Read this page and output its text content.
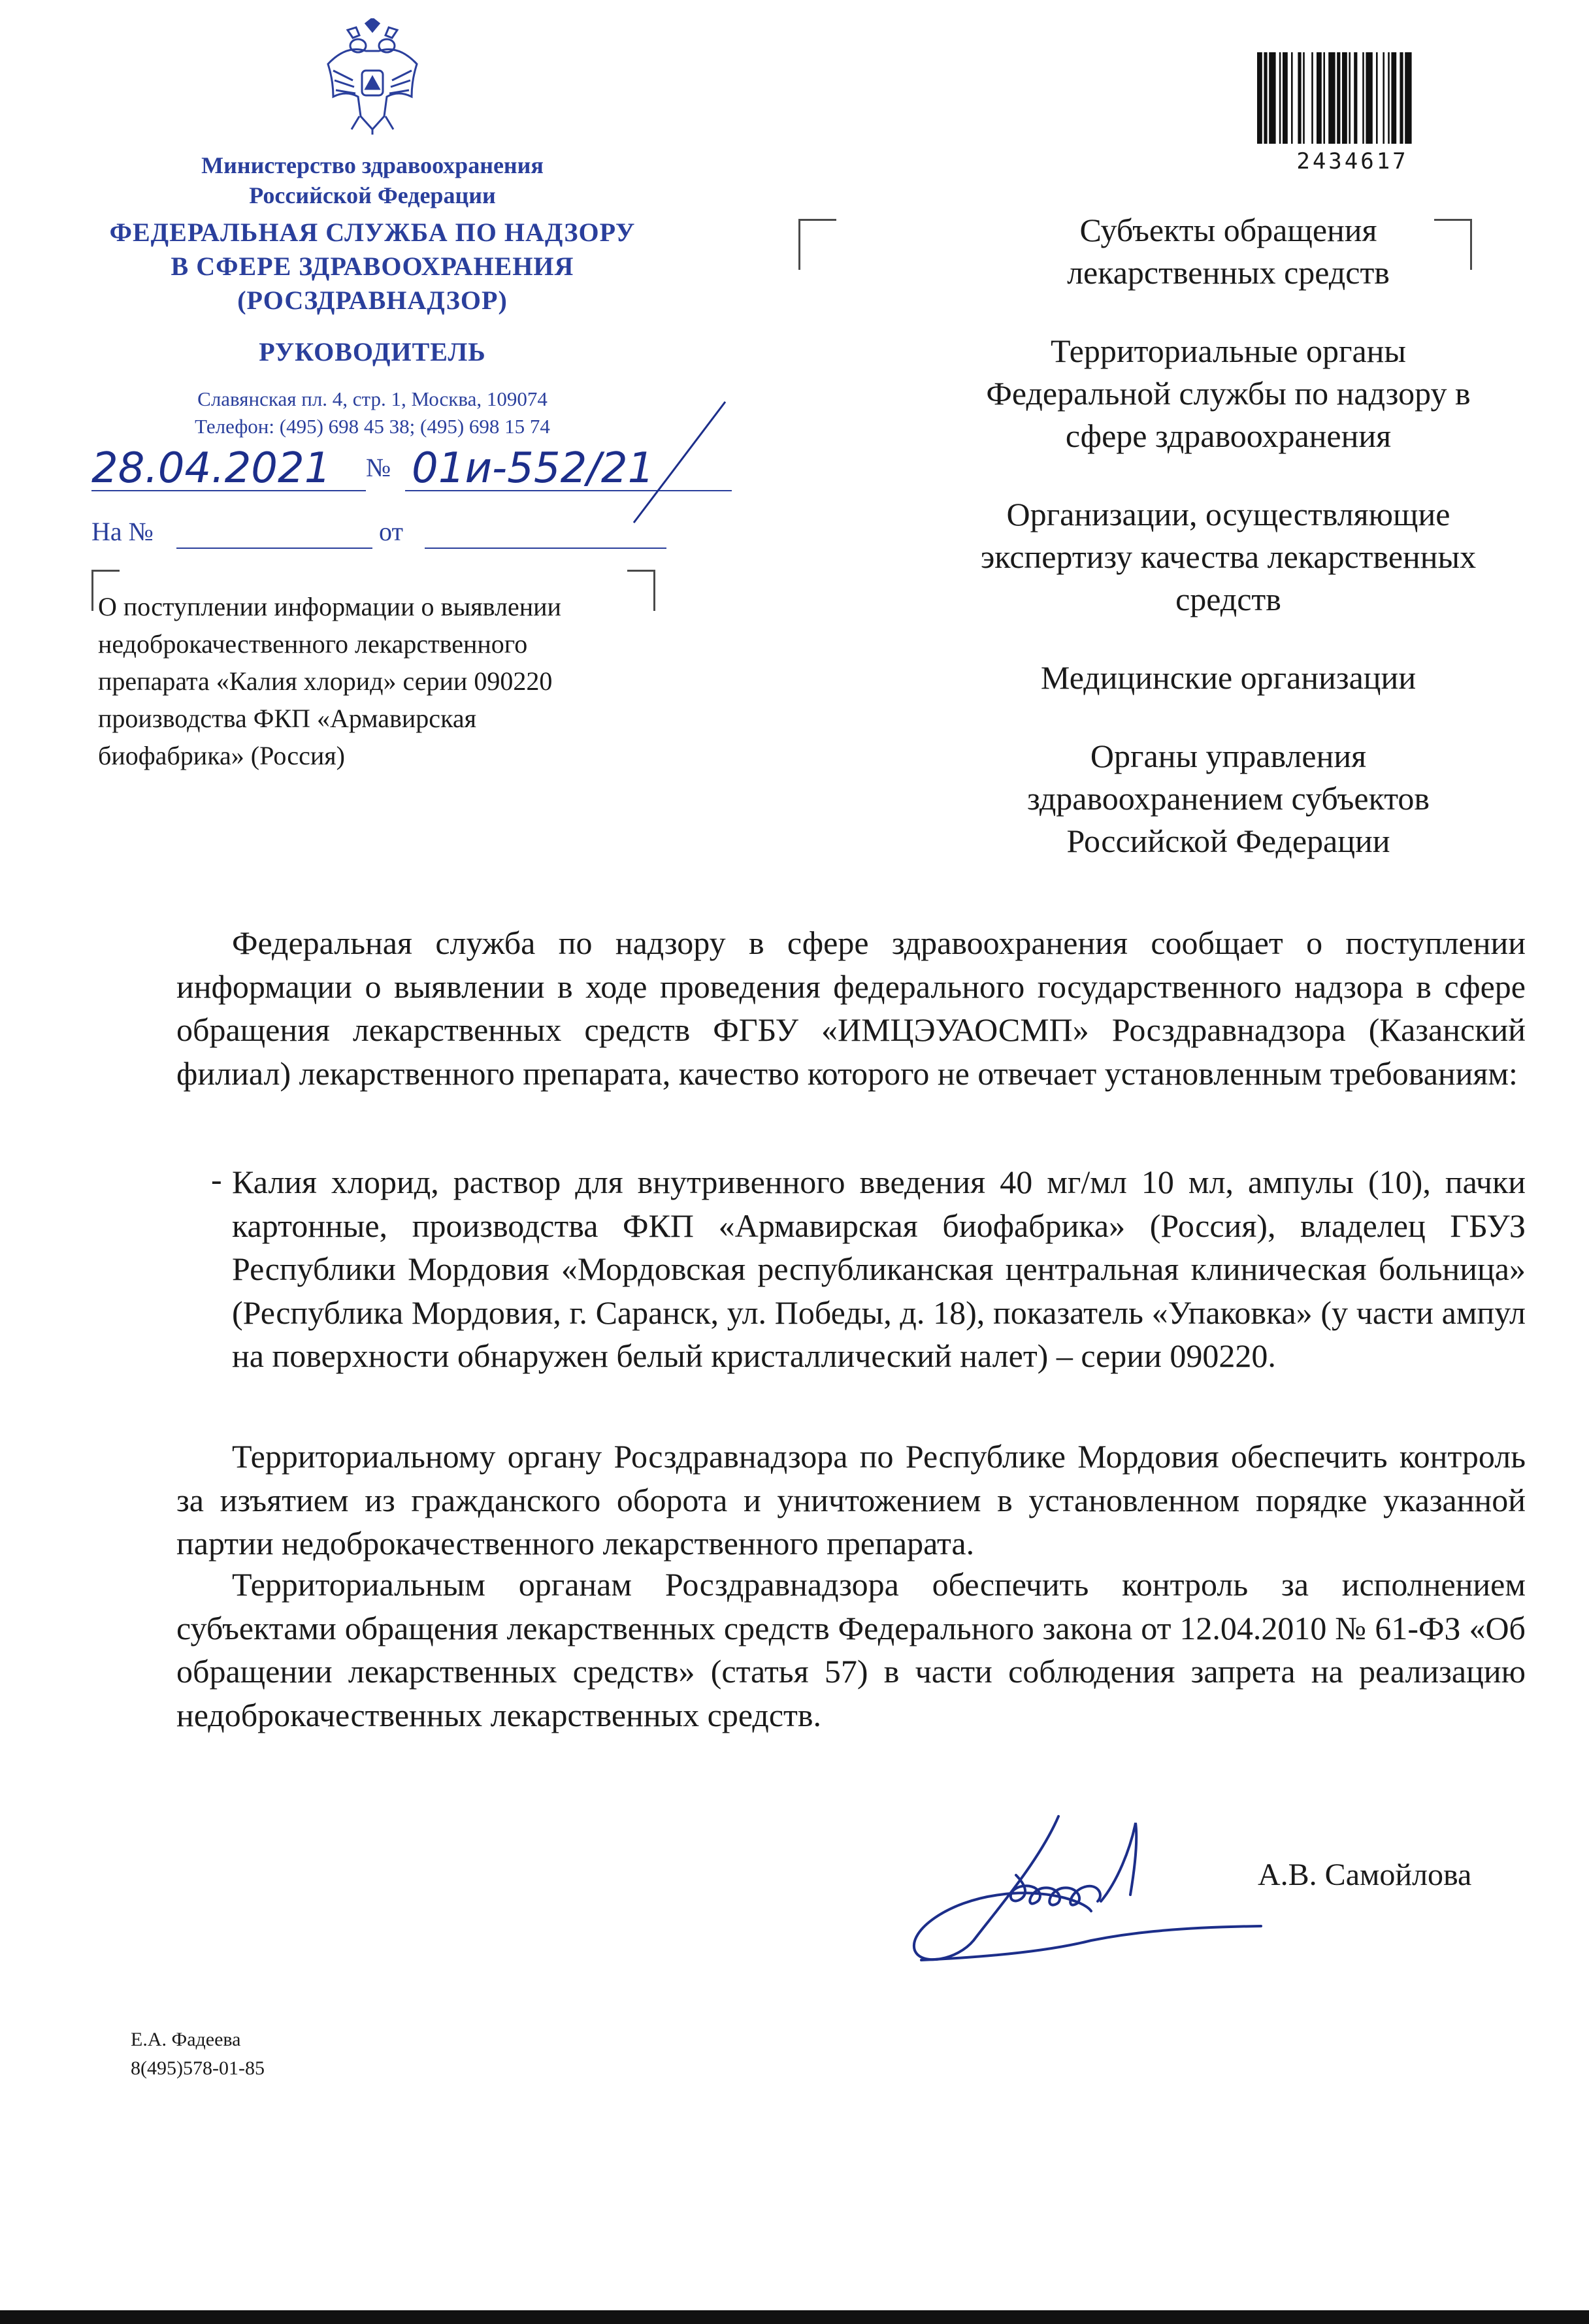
Министерство здравоохранения
Российской Федерации
ФЕДЕРАЛЬНАЯ СЛУЖБА ПО НАДЗОРУ
В СФЕРЕ ЗДРАВООХРАНЕНИЯ
(РОСЗДРАВНАДЗОР)
РУКОВОДИТЕЛЬ
Славянская пл. 4, стр. 1, Москва, 109074
Телефон: (495) 698 45 38; (495) 698 15 74
28.04.2021 № 01и-552/21
На №	от
О поступлении информации о выявлении
недоброкачественного лекарственного
препарата «Калия хлорид» серии 090220
производства ФКП «Армавирская
биофабрика» (Россия)
2434617
Субъекты обращения
лекарственных средств
Территориальные органы
Федеральной службы по надзору в
сфере здравоохранения
Организации, осуществляющие
экспертизу качества лекарственных
средств
Медицинские организации
Органы управления
здравоохранением субъектов
Российской Федерации
Федеральная служба по надзору в сфере здравоохранения сообщает о поступлении информации о выявлении в ходе проведения федерального государственного надзора в сфере обращения лекарственных средств ФГБУ «ИМЦЭУАОСМП» Росздравнадзора (Казанский филиал) лекарственного препарата, качество которого не отвечает установленным требованиям:
- Калия хлорид, раствор для внутривенного введения 40 мг/мл 10 мл, ампулы (10), пачки картонные, производства ФКП «Армавирская биофабрика» (Россия), владелец ГБУЗ Республики Мордовия «Мордовская республиканская центральная клиническая больница» (Республика Мордовия, г. Саранск, ул. Победы, д. 18), показатель «Упаковка» (у части ампул на поверхности обнаружен белый кристаллический налет) – серии 090220.
Территориальному органу Росздравнадзора по Республике Мордовия обеспечить контроль за изъятием из гражданского оборота и уничтожением в установленном порядке указанной партии недоброкачественного лекарственного препарата.
Территориальным органам Росздравнадзора обеспечить контроль за исполнением субъектами обращения лекарственных средств Федерального закона от 12.04.2010 № 61-ФЗ «Об обращении лекарственных средств» (статья 57) в части соблюдения запрета на реализацию недоброкачественных лекарственных средств.
А.В. Самойлова
Е.А. Фадеева
8(495)578-01-85
